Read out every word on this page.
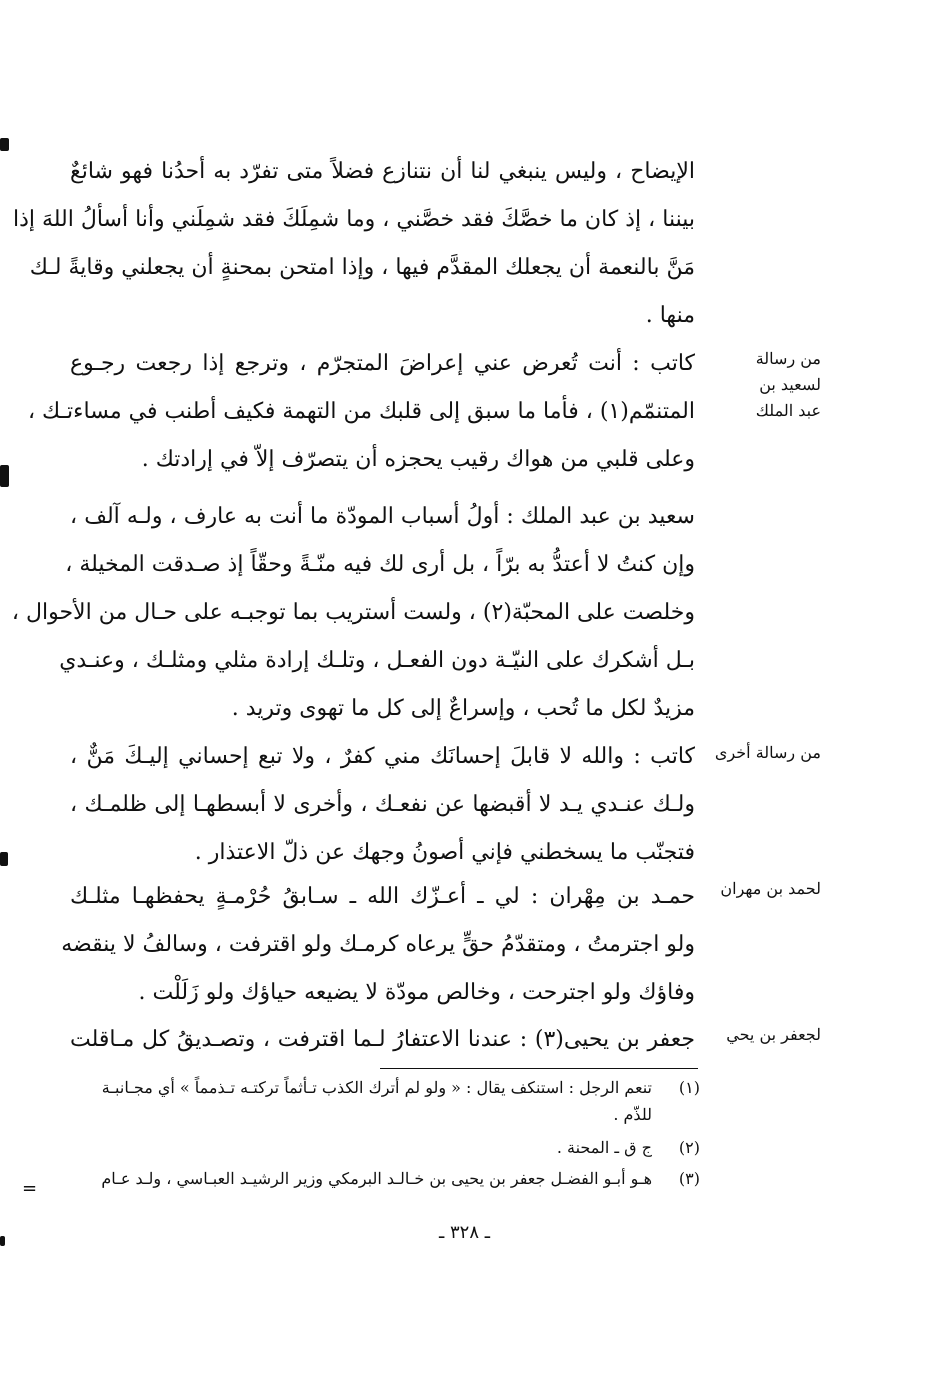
الإيضاح ، وليس ينبغي لنا أن نتنازع فضلاً متى تفرّد به أحدُنا فهو شائعٌ
بيننا ، إذ كان ما خصَّكَ فقد خصَّني ، وما شمِلَكَ فقد شمِلَني وأنا أسألُ اللهَ إذا
مَنَّ بالنعمة أن يجعلك المقدَّم فيها ، وإذا امتحن بمحنةٍ أن يجعلني وقايةً لـك
منها .
كاتب : أنت تُعرض عني إعراضَ المتجرّم ، وترجع إذا رجعت رجـوع
المتنمّم(١) ، فأما ما سبق إلى قلبك من التهمة فكيف أطنب في مساءتـك ،
وعلى قلبي من هواك رقيب يحجزه أن يتصرّف إلاّ في إرادتك .
من رسالة
لسعيد بن
عبد الملك
سعيد بن عبد الملك : أولُ أسباب المودّة ما أنت به عارف ، ولـه آلف ،
وإن كنتُ لا أعتدُّ به برّاً ، بل أرى لك فيه منّـةً وحقّاً إذ صـدقت المخيلة ،
وخلصت على المحبّة(٢) ، ولست أستريب بما توجبـه على حـال من الأحوال ،
بـل أشكرك على النيّـة دون الفعـل ، وتلـك إرادة مثلي ومثلـك ، وعنـدي
مزيدٌ لكل ما تُحب ، وإسراعٌ إلى كل ما تهوى وتريد .
كاتب : والله لا قابلَ إحسانَك مني كفرٌ ، ولا تبع إحساني إليـكَ مَنٌّ ،
ولـك عنـدي يـد لا أقبضها عن نفعـك ، وأخرى لا أبسطهـا إلى ظلمـك ،
فتجنّب ما يسخطني فإني أصونُ وجهك عن ذلّ الاعتذار .
من رسالة أخرى
حمـد بن مِهْران : لي ـ أعـزّك الله ـ سـابقُ حُرْمـةٍ يحفظهـا مثلـك
ولو اجترمتُ ، ومتقدّمُ حقٍّ يرعاه كرمـك ولو اقترفت ، وسالفُ لا ينقضه
وفاؤك ولو اجترحت ، وخالص مودّة لا يضيعه حياؤك ولو زَلَلْت .
لحمد بن مهران
جعفر بن يحيى(٣) : عندنا الاعتفارُ لـما اقترفت ، وتصـديقُ كل مـاقلت	لجعفر بن يحي
(١)
تنعم الرجل : استنكف يقال : « ولو لم أترك الكذب تـأثماً تركتـه تـذمماً » أي مجـانبـة
للذّم .
(٢)
ج ق ـ المحنة .
(٣)
هـو أبـو الفضـل جعفر بن يحيى بن خـالـد البرمكي وزير الرشيـد العبـاسي ، ولـد عـام
=
ـ ٣٢٨ ـ
